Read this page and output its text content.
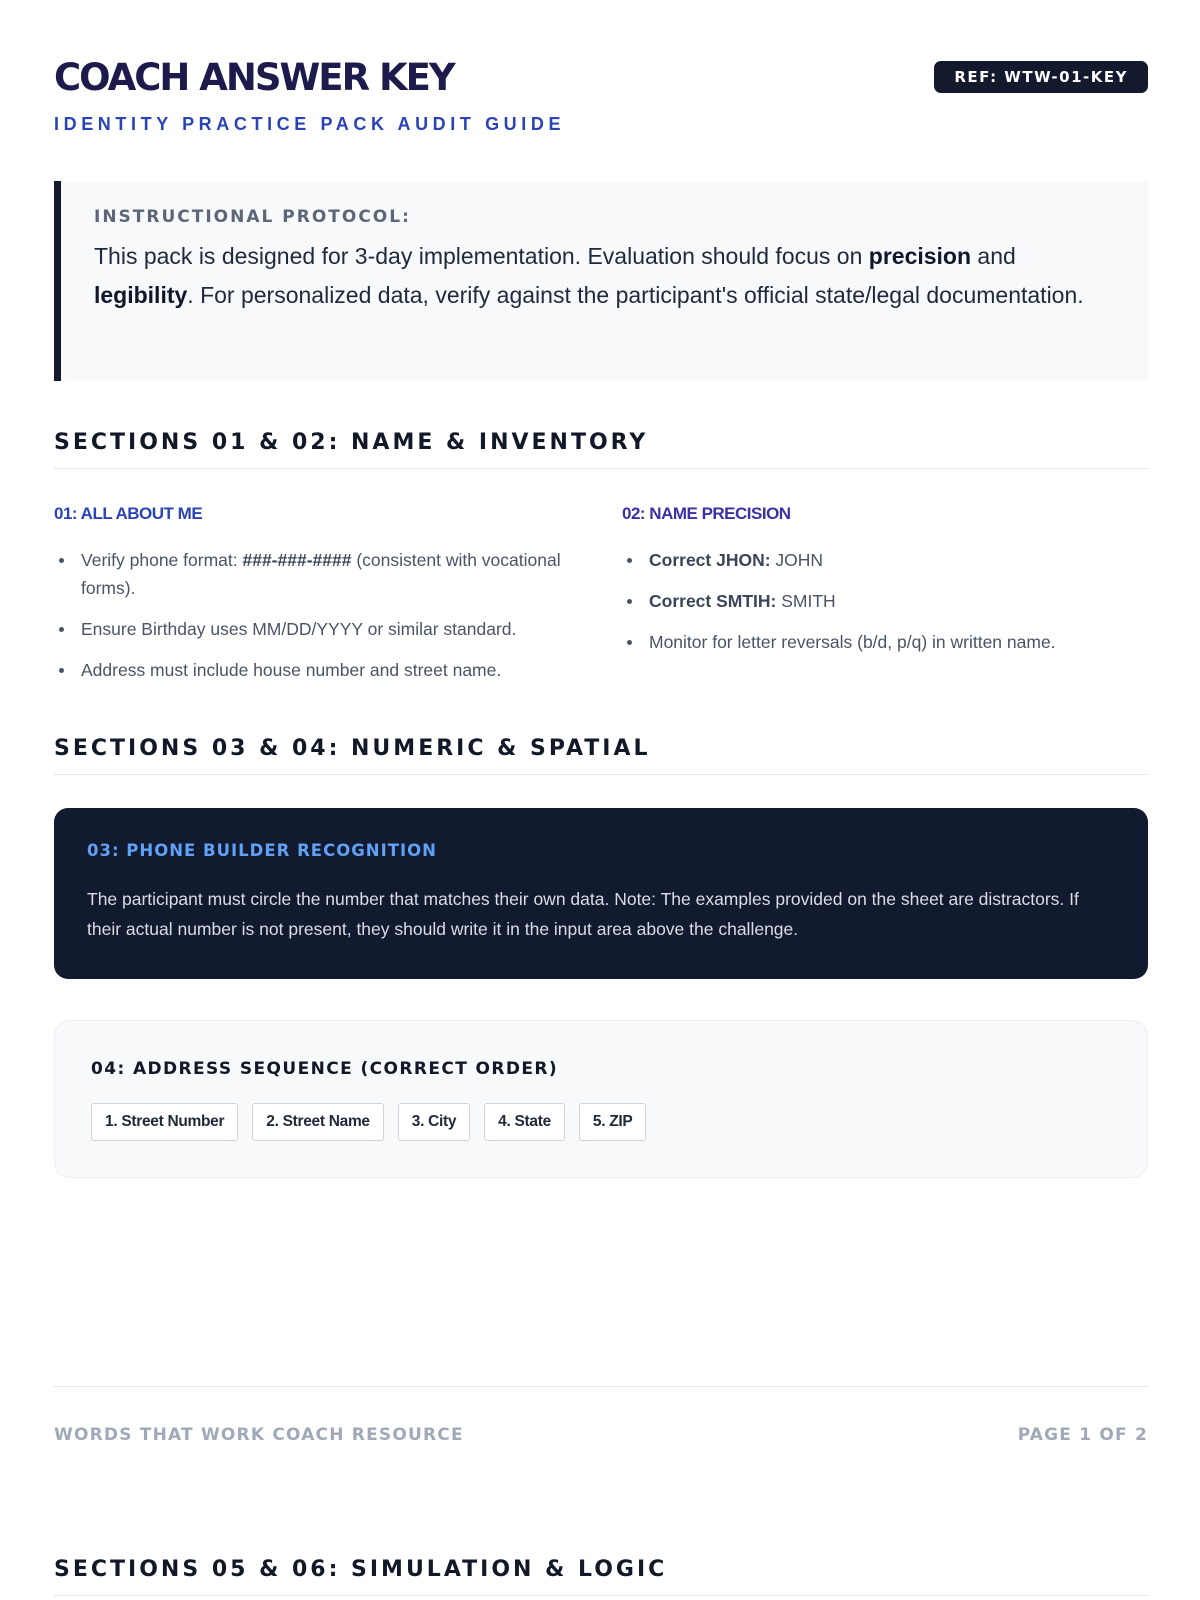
COACH ANSWER KEY
IDENTITY PRACTICE PACK AUDIT GUIDE
REF: WTW-01-KEY
INSTRUCTIONAL PROTOCOL:
This pack is designed for 3-day implementation. Evaluation should focus on precision and legibility. For personalized data, verify against the participant's official state/legal documentation.
SECTIONS 01 & 02: NAME & INVENTORY
01: ALL ABOUT ME
Verify phone format: ###-###-#### (consistent with vocational forms).
Ensure Birthday uses MM/DD/YYYY or similar standard.
Address must include house number and street name.
02: NAME PRECISION
Correct JHON: JOHN
Correct SMTIH: SMITH
Monitor for letter reversals (b/d, p/q) in written name.
SECTIONS 03 & 04: NUMERIC & SPATIAL
03: PHONE BUILDER RECOGNITION
The participant must circle the number that matches their own data. Note: The examples provided on the sheet are distractors. If their actual number is not present, they should write it in the input area above the challenge.
04: ADDRESS SEQUENCE (CORRECT ORDER)
1. Street Number	2. Street Name	3. City	4. State	5. ZIP
WORDS THAT WORK COACH RESOURCE	PAGE 1 OF 2
SECTIONS 05 & 06: SIMULATION & LOGIC
